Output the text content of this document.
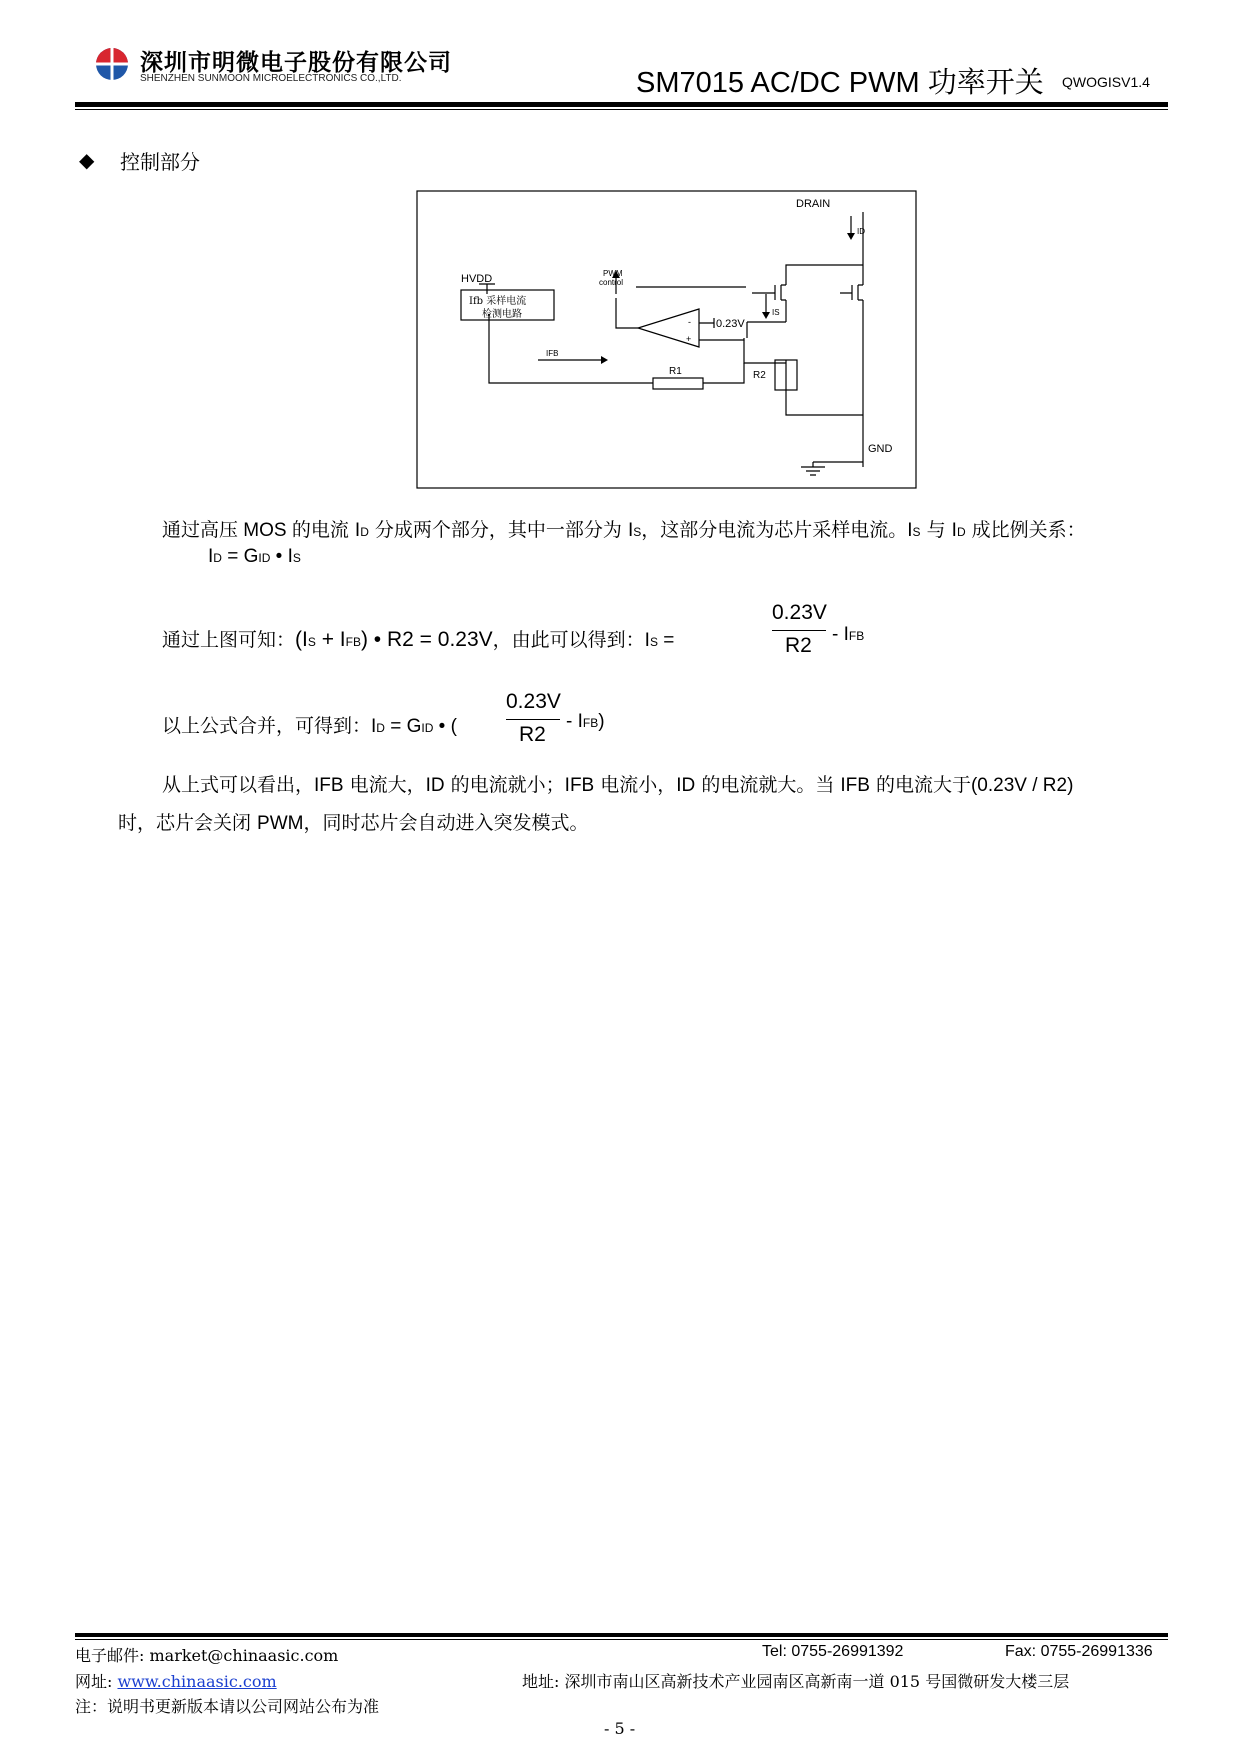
深圳市明微电子股份有限公司
SHENZHEN SUNMOON MICROELECTRONICS CO.,LTD.	SM7015 AC/DC PWM 功率开关 QWOGISV1.4
◆ 控制部分
DRAIN
ID
HVDD	PWM
control
Ifb 采样电流
检测电路
-
+
0.23V
IS
IFB
R1	R2
GND
通过高压 MOS 的电流 ID 分成两个部分，其中一部分为 IS，这部分电流为芯片采样电流。IS 与 ID 成比例关系：
ID = GID • IS
通过上图可知：(IS + IFB) • R2 = 0.23V，由此可以得到：IS =
0.23V
R2 - IFB
以上公式合并，可得到：ID = GID • (
0.23V
R2
- IFB)
从上式可以看出，IFB 电流大，ID 的电流就小；IFB 电流小，ID 的电流就大。当 IFB 的电流大于(0.23V / R2)
时，芯片会关闭 PWM，同时芯片会自动进入突发模式。
电子邮件: market@chinaasic.com	Tel: 0755-26991392	Fax: 0755-26991336
网址: www.chinaasic.com	地址: 深圳市南山区高新技术产业园南区高新南一道 015 号国微研发大楼三层
注：说明书更新版本请以公司网站公布为准
- 5 -
